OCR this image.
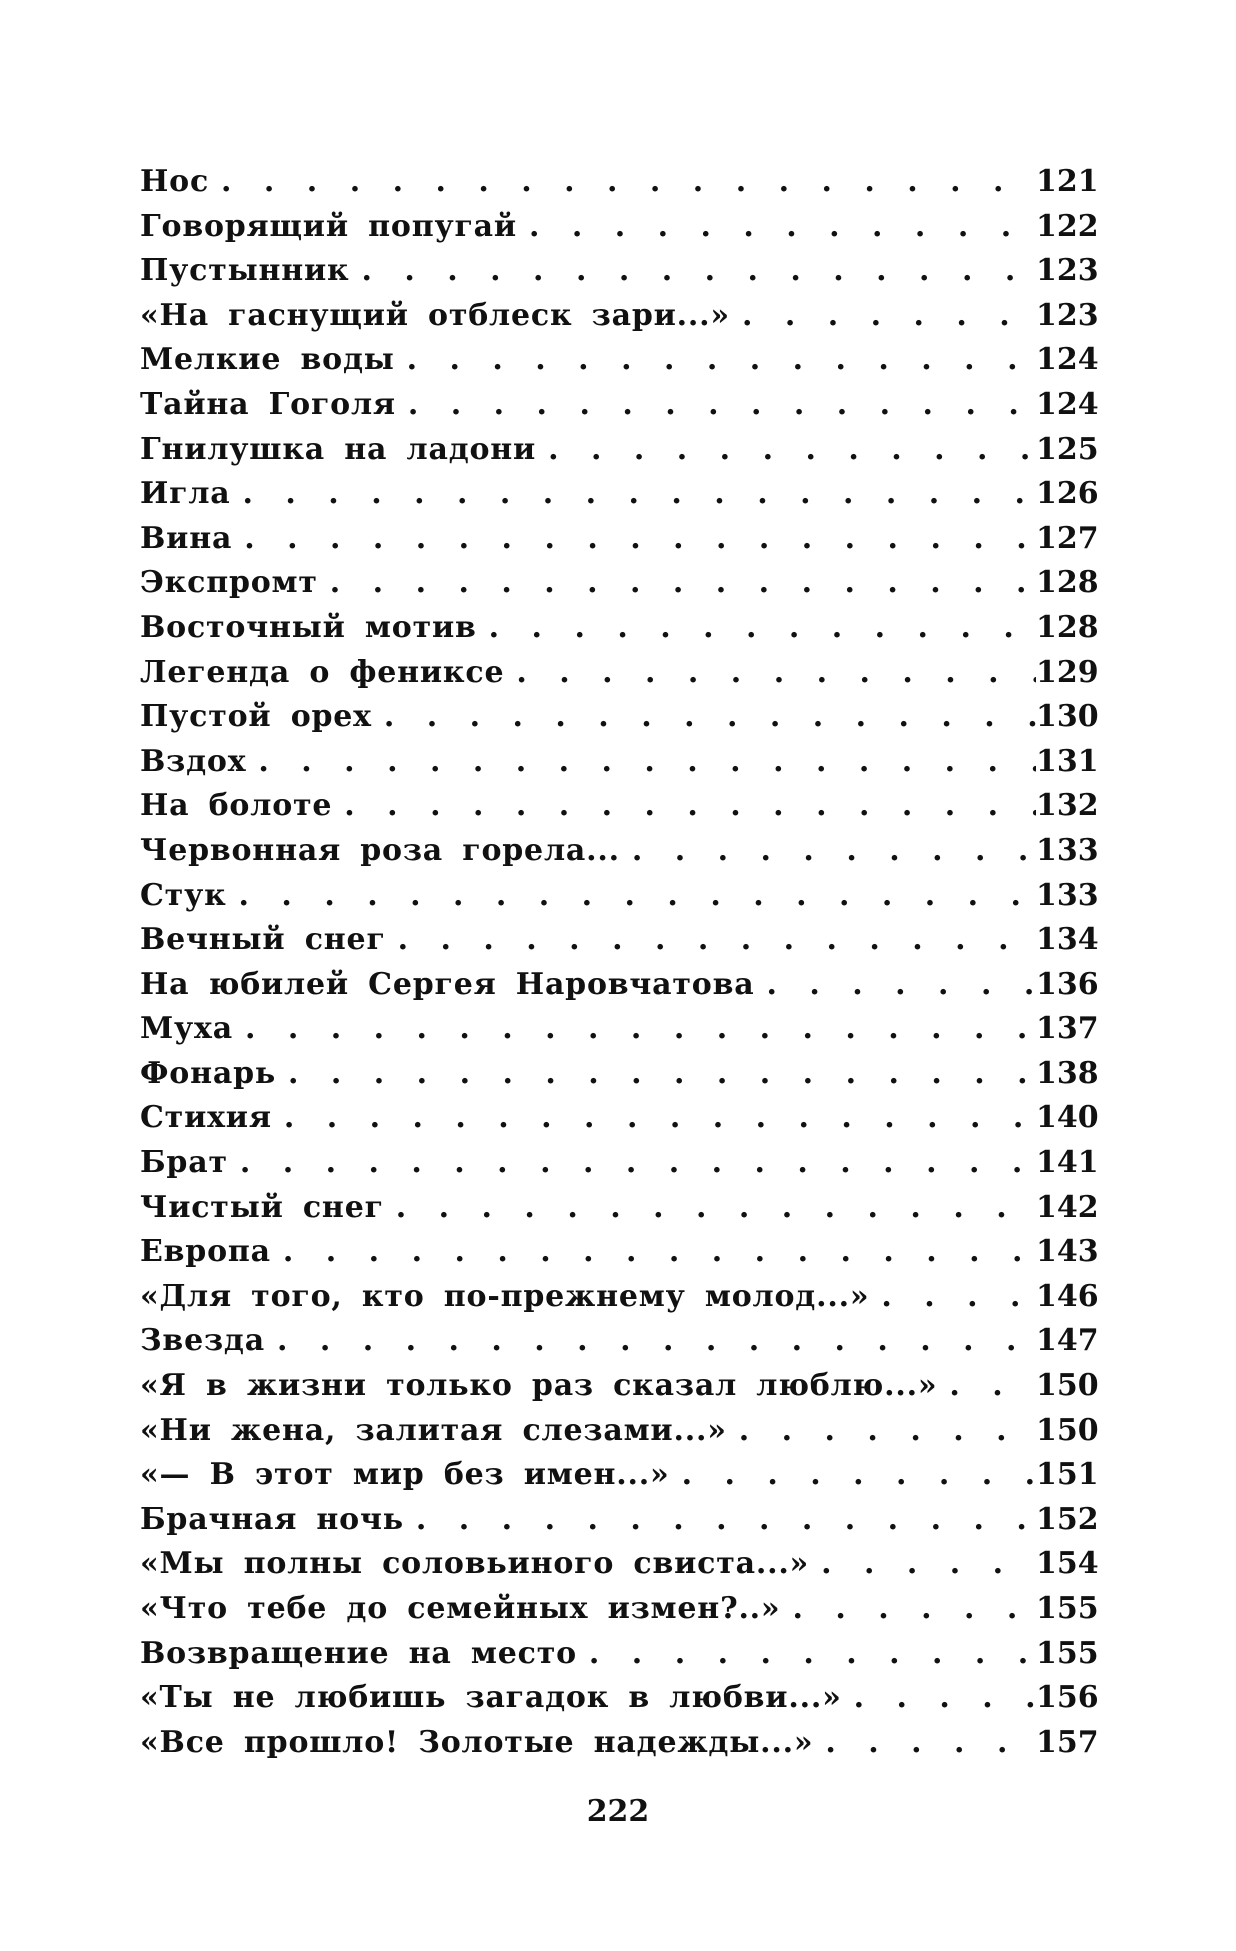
Нос . . .	121
Говорящий попугай . . .	122
Пустынник . . .	123
«На гаснущий отблеск зари...» . . .	123
Мелкие воды . . .	124
Тайна Гоголя . . .	124
Гнилушка на ладони . . .	125
Игла . . .	126
Вина . . .	127
Экспромт . . .	128
Восточный мотив . . .	128
Легенда о фениксе . . .	129
Пустой орех . . .	130
Вздох . . .	131
На болоте . . .	132
Червонная роза горела... . . .	133
Стук . . .	133
Вечный снег . . .	134
На юбилей Сергея Наровчатова . . .	136
Муха . . .	137
Фонарь . . .	138
Стихия . . .	140
Брат . . .	141
Чистый снег . . .	142
Европа . . .	143
«Для того, кто по-прежнему молод...» . . .	146
Звезда . . .	147
«Я в жизни только раз сказал люблю...» . . .	150
«Ни жена, залитая слезами...» . . .	150
«— В этот мир без имен...» . . .	151
Брачная ночь . . .	152
«Мы полны соловьиного свиста...» . . .	154
«Что тебе до семейных измен?..» . . .	155
Возвращение на место . . .	155
«Ты не любишь загадок в любви...» . . .	156
«Все прошло! Золотые надежды...» . . .	157
222
